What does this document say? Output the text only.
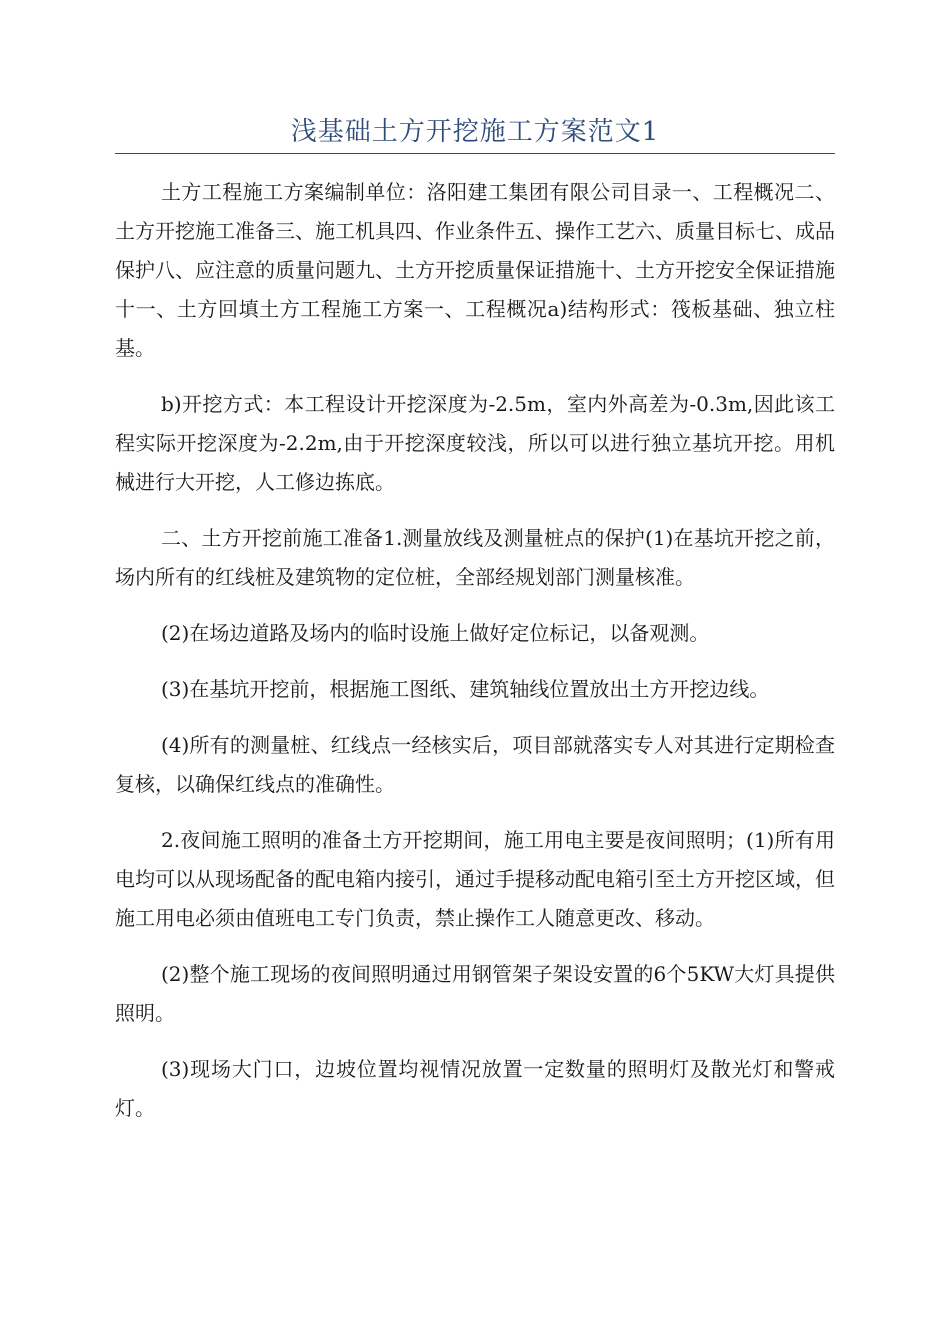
浅基础土方开挖施工方案范文1

土方工程施工方案编制单位：洛阳建工集团有限公司目录一、工程概况二、土方开挖施工准备三、施工机具四、作业条件五、操作工艺六、质量目标七、成品保护八、应注意的质量问题九、土方开挖质量保证措施十、土方开挖安全保证措施十一、土方回填土方工程施工方案一、工程概况a)结构形式：筏板基础、独立柱基。

b)开挖方式：本工程设计开挖深度为-2.5m，室内外高差为-0.3m,因此该工程实际开挖深度为-2.2m,由于开挖深度较浅，所以可以进行独立基坑开挖。用机械进行大开挖，人工修边拣底。

二、土方开挖前施工准备1.测量放线及测量桩点的保护(1)在基坑开挖之前，场内所有的红线桩及建筑物的定位桩，全部经规划部门测量核准。

(2)在场边道路及场内的临时设施上做好定位标记，以备观测。

(3)在基坑开挖前，根据施工图纸、建筑轴线位置放出土方开挖边线。

(4)所有的测量桩、红线点一经核实后，项目部就落实专人对其进行定期检查复核，以确保红线点的准确性。

2.夜间施工照明的准备土方开挖期间，施工用电主要是夜间照明；(1)所有用电均可以从现场配备的配电箱内接引，通过手提移动配电箱引至土方开挖区域，但施工用电必须由值班电工专门负责，禁止操作工人随意更改、移动。

(2)整个施工现场的夜间照明通过用钢管架子架设安置的6个5KW大灯具提供照明。

(3)现场大门口，边坡位置均视情况放置一定数量的照明灯及散光灯和警戒灯。
